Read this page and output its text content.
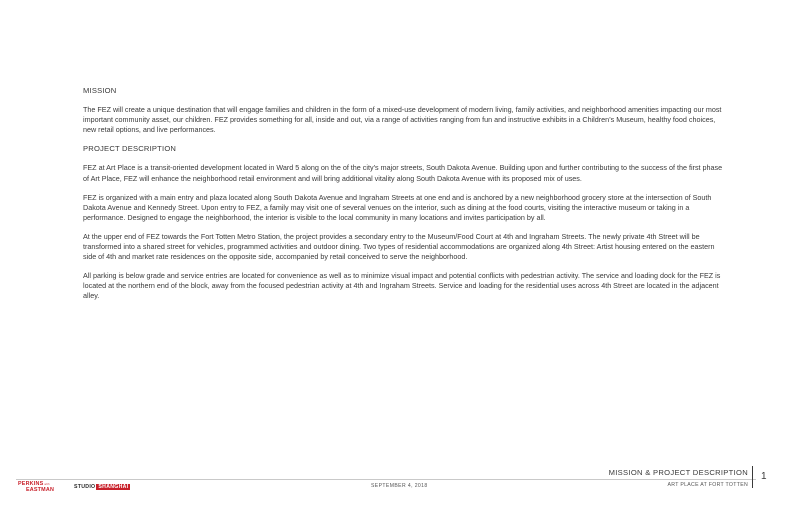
MISSION

The FEZ will create a unique destination that will engage families and children in the form of a mixed-use development of modern living, family activities, and neighborhood amenities impacting our most important community asset, our children. FEZ provides something for all, inside and out, via a range of activities ranging from fun and instructive exhibits in a Children’s Museum, healthy food choices, new retail options, and live performances.

PROJECT DESCRIPTION

FEZ at Art Place is a transit-oriented development located in Ward 5 along on the of the city’s major streets, South Dakota Avenue. Building upon and further contributing to the success of the first phase of Art Place, FEZ will enhance the neighborhood retail environment and will bring additional vitality along South Dakota Avenue with its proposed mix of uses.

FEZ is organized with a main entry and plaza located along South Dakota Avenue and Ingraham Streets at one end and is anchored by a new neighborhood grocery store at the intersection of South Dakota Avenue and Kennedy Street. Upon entry to FEZ, a family may visit one of several venues on the interior, such as dining at the food courts, visiting the interactive museum or taking in a performance. Designed to engage the neighborhood, the interior is visible to the local community in many locations and invites participation by all.

At the upper end of FEZ towards the Fort Totten Metro Station, the project provides a secondary entry to the Museum/Food Court at 4th and Ingraham Streets. The newly private 4th Street will be transformed into a shared street for vehicles, programmed activities and outdoor dining. Two types of residential accommodations are organized along 4th Street: Artist housing entered on the eastern side of 4th and market rate residences on the opposite side, accompanied by retail conceived to serve the neighborhood.

All parking is below grade and service entries are located for convenience as well as to minimize visual impact and potential conflicts with pedestrian activity. The service and loading dock for the FEZ is located at the northern end of the block, away from the focused pedestrian activity at 4th and Ingraham Streets. Service and loading for the residential uses across 4th Street are located in the adjacent alley.

$PERKINS^{with}$
EASTMAN	STUDIO SHANGHAI	SEPTEMBER 4, 2018
MISSION & PROJECT DESCRIPTION
ART PLACE AT FORT TOTTEN
1
